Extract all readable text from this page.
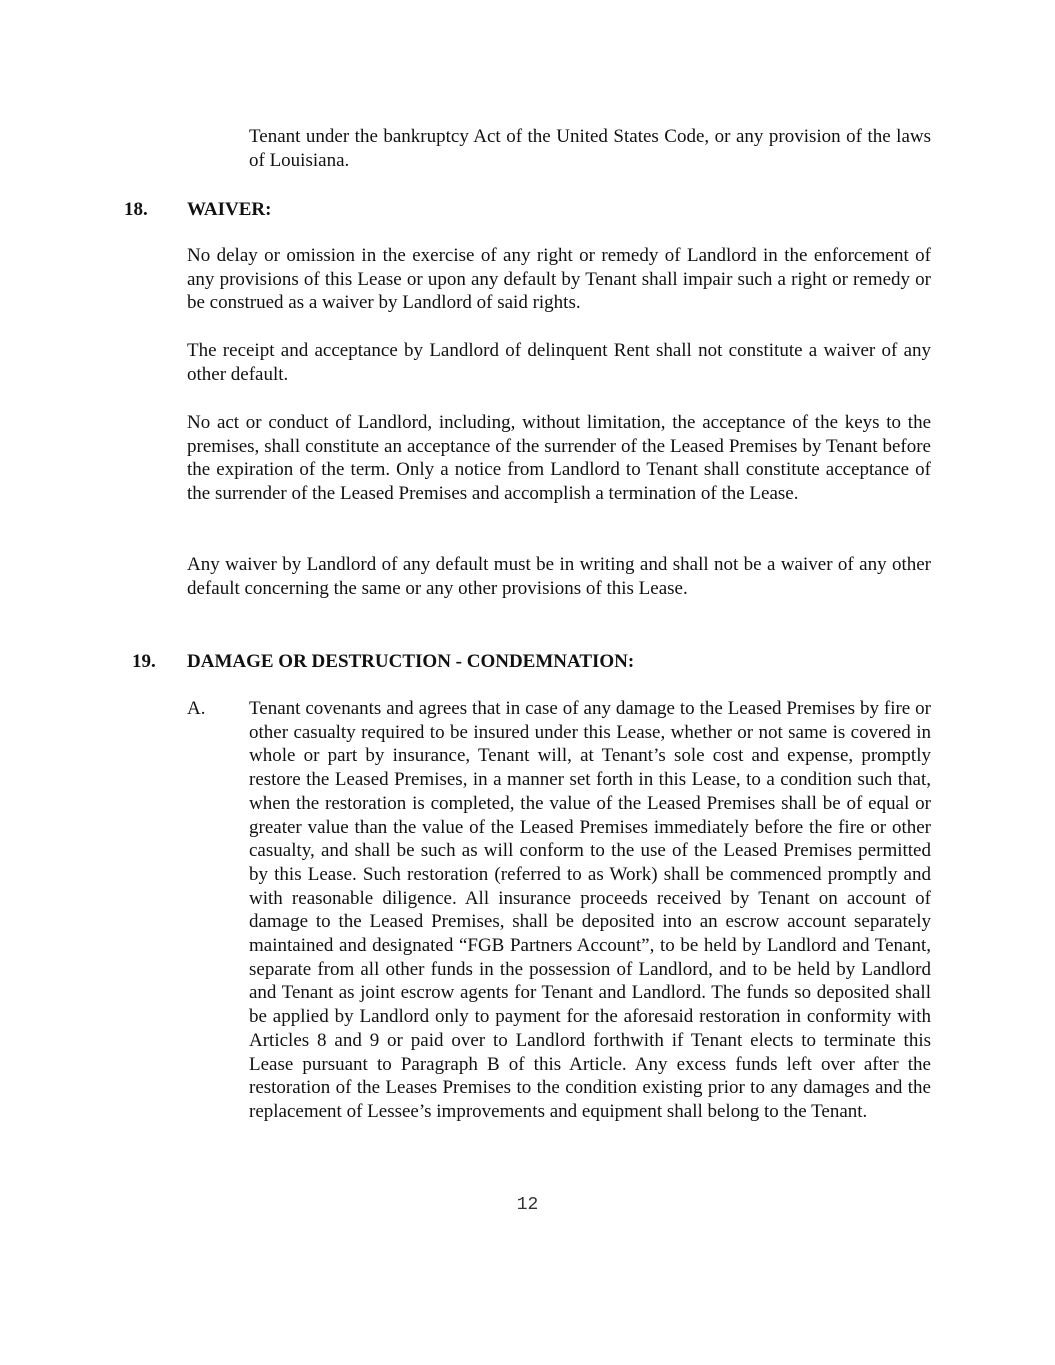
Tenant under the bankruptcy Act of the United States Code, or any provision of the laws of Louisiana.

18. WAIVER:

No delay or omission in the exercise of any right or remedy of Landlord in the enforcement of any provisions of this Lease or upon any default by Tenant shall impair such a right or remedy or be construed as a waiver by Landlord of said rights.

The receipt and acceptance by Landlord of delinquent Rent shall not constitute a waiver of any other default.

No act or conduct of Landlord, including, without limitation, the acceptance of the keys to the premises, shall constitute an acceptance of the surrender of the Leased Premises by Tenant before the expiration of the term. Only a notice from Landlord to Tenant shall constitute acceptance of the surrender of the Leased Premises and accomplish a termination of the Lease.

Any waiver by Landlord of any default must be in writing and shall not be a waiver of any other default concerning the same or any other provisions of this Lease.

19. DAMAGE OR DESTRUCTION - CONDEMNATION:
A. Tenant covenants and agrees that in case of any damage to the Leased Premises by fire or other casualty required to be insured under this Lease, whether or not same is covered in whole or part by insurance, Tenant will, at Tenant’s sole cost and expense, promptly restore the Leased Premises, in a manner set forth in this Lease, to a condition such that, when the restoration is completed, the value of the Leased Premises shall be of equal or greater value than the value of the Leased Premises immediately before the fire or other casualty, and shall be such as will conform to the use of the Leased Premises permitted by this Lease. Such restoration (referred to as Work) shall be commenced promptly and with reasonable diligence. All insurance proceeds received by Tenant on account of damage to the Leased Premises, shall be deposited into an escrow account separately maintained and designated “FGB Partners Account”, to be held by Landlord and Tenant, separate from all other funds in the possession of Landlord, and to be held by Landlord and Tenant as joint escrow agents for Tenant and Landlord. The funds so deposited shall be applied by Landlord only to payment for the aforesaid restoration in conformity with Articles 8 and 9 or paid over to Landlord forthwith if Tenant elects to terminate this Lease pursuant to Paragraph B of this Article. Any excess funds left over after the restoration of the Leases Premises to the condition existing prior to any damages and the replacement of Lessee’s improvements and equipment shall belong to the Tenant.

12
